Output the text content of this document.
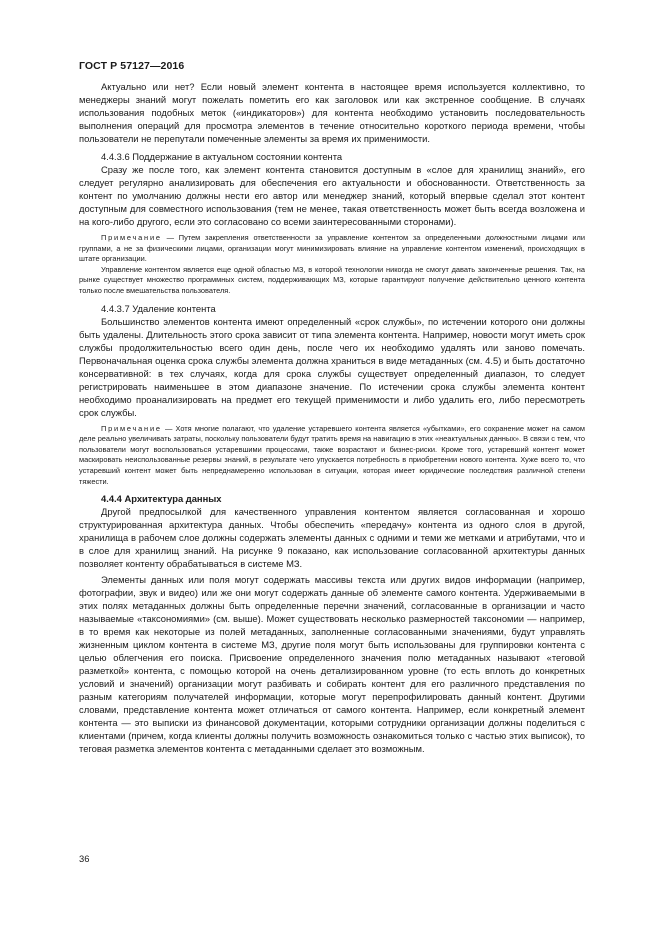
ГОСТ Р 57127—2016

Актуально или нет? Если новый элемент контента в настоящее время используется коллективно, то менеджеры знаний могут пожелать пометить его как заголовок или как экстренное сообщение. В случаях использования подобных меток («индикаторов») для контента необходимо установить последовательность выполнения операций для просмотра элементов в течение относительно короткого периода времени, чтобы пользователи не перепутали помеченные элементы за время их применимости.

4.4.3.6 Поддержание в актуальном состоянии контента

Сразу же после того, как элемент контента становится доступным в «слое для хранилищ знаний», его следует регулярно анализировать для обеспечения его актуальности и обоснованности. Ответственность за контент по умолчанию должны нести его автор или менеджер знаний, который впервые сделал этот контент доступным для совместного использования (тем не менее, такая ответственность может быть всегда возложена и на кого-либо другого, если это согласовано со всеми заинтересованными сторонами).

Примечание — Путем закрепления ответственности за управление контентом за определенными должностными лицами или группами, а не за физическими лицами, организации могут минимизировать влияние на управление контентом изменений, происходящих в штате организации.

Управление контентом является еще одной областью МЗ, в которой технологии никогда не смогут давать законченные решения. Так, на рынке существует множество программных систем, поддерживающих МЗ, которые гарантируют получение действительно ценного контента только после вмешательства пользователя.

4.4.3.7 Удаление контента

Большинство элементов контента имеют определенный «срок службы», по истечении которого они должны быть удалены. Длительность этого срока зависит от типа элемента контента. Например, новости могут иметь срок службы продолжительностью всего один день, после чего их необходимо удалять или заново помечать. Первоначальная оценка срока службы элемента должна храниться в виде метаданных (см. 4.5) и быть достаточно консервативной: в тех случаях, когда для срока службы существует определенный диапазон, то следует регистрировать наименьшее в этом диапазоне значение. По истечении срока службы элемента контент необходимо проанализировать на предмет его текущей применимости и либо удалить его, либо пересмотреть срок службы.

Примечание — Хотя многие полагают, что удаление устаревшего контента является «убытками», его сохранение может на самом деле реально увеличивать затраты, поскольку пользователи будут тратить время на навигацию в этих «неактуальных данных». В связи с тем, что пользователи могут воспользоваться устаревшими процессами, также возрастают и бизнес-риски. Кроме того, устаревший контент может маскировать неиспользованные резервы знаний, в результате чего упускается потребность в приобретении нового контента. Хуже всего то, что устаревший контент может быть непреднамеренно использован в ситуации, которая имеет юридические последствия различной степени тяжести.

4.4.4 Архитектура данных

Другой предпосылкой для качественного управления контентом является согласованная и хорошо структурированная архитектура данных. Чтобы обеспечить «передачу» контента из одного слоя в другой, хранилища в рабочем слое должны содержать элементы данных с одними и теми же метками и атрибутами, что и в слое для хранилищ знаний. На рисунке 9 показано, как использование согласованной архитектуры данных позволяет контенту обрабатываться в системе МЗ.

Элементы данных или поля могут содержать массивы текста или других видов информации (например, фотографии, звук и видео) или же они могут содержать данные об элементе самого контента. Удерживаемыми в этих полях метаданных должны быть определенные перечни значений, согласованные в организации и часто называемые «таксономиями» (см. выше). Может существовать несколько размерностей таксономии — например, в то время как некоторые из полей метаданных, заполненные согласованными значениями, будут управлять жизненным циклом контента в системе МЗ, другие поля могут быть использованы для группировки контента с целью облегчения его поиска. Присвоение определенного значения полю метаданных называют «теговой разметкой» контента, с помощью которой на очень детализированном уровне (то есть вплоть до конкретных условий и значений) организации могут разбивать и собирать контент для его различного представления по разным категориям получателей информации, которые могут перепрофилировать данный контент. Другими словами, представление контента может отличаться от самого контента. Например, если конкретный элемент контента — это выписки из финансовой документации, которыми сотрудники организации должны поделиться с клиентами (причем, когда клиенты должны получить возможность ознакомиться только с частью этих выписок), то теговая разметка элементов контента с метаданными сделает это возможным.

36
